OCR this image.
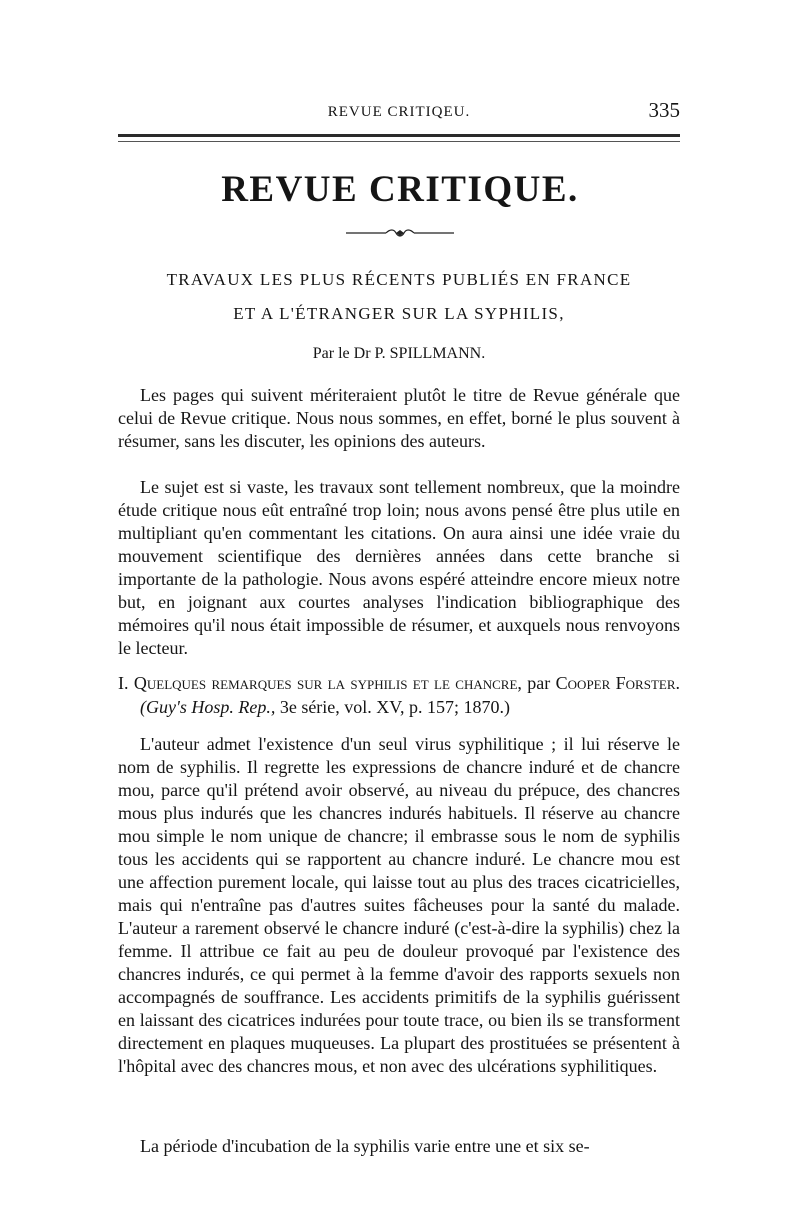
REVUE CRITIQEU.	335
REVUE CRITIQUE.

TRAVAUX LES PLUS RÉCENTS PUBLIÉS EN FRANCE

ET A L'ÉTRANGER SUR LA SYPHILIS,

Par le Dr P. SPILLMANN.

Les pages qui suivent mériteraient plutôt le titre de Revue générale que celui de Revue critique. Nous nous sommes, en effet, borné le plus souvent à résumer, sans les discuter, les opinions des auteurs.

Le sujet est si vaste, les travaux sont tellement nombreux, que la moindre étude critique nous eût entraîné trop loin; nous avons pensé être plus utile en multipliant qu'en commentant les citations. On aura ainsi une idée vraie du mouvement scientifique des dernières années dans cette branche si importante de la pathologie. Nous avons espéré atteindre encore mieux notre but, en joignant aux courtes analyses l'indication bibliographique des mémoires qu'il nous était impossible de résumer, et auxquels nous renvoyons le lecteur.

I. Quelques remarques sur la syphilis et le chancre, par Cooper Forster. (Guy's Hosp. Rep., 3e série, vol. XV, p. 157; 1870.)

L'auteur admet l'existence d'un seul virus syphilitique ; il lui réserve le nom de syphilis. Il regrette les expressions de chancre induré et de chancre mou, parce qu'il prétend avoir observé, au niveau du prépuce, des chancres mous plus indurés que les chancres indurés habituels. Il réserve au chancre mou simple le nom unique de chancre; il embrasse sous le nom de syphilis tous les accidents qui se rapportent au chancre induré. Le chancre mou est une affection purement locale, qui laisse tout au plus des traces cicatricielles, mais qui n'entraîne pas d'autres suites fâcheuses pour la santé du malade. L'auteur a rarement observé le chancre induré (c'est-à-dire la syphilis) chez la femme. Il attribue ce fait au peu de douleur provoqué par l'existence des chancres indurés, ce qui permet à la femme d'avoir des rapports sexuels non accompagnés de souffrance. Les accidents primitifs de la syphilis guérissent en laissant des cicatrices indurées pour toute trace, ou bien ils se transforment directement en plaques muqueuses. La plupart des prostituées se présentent à l'hôpital avec des chancres mous, et non avec des ulcérations syphilitiques.

La période d'incubation de la syphilis varie entre une et six se-
